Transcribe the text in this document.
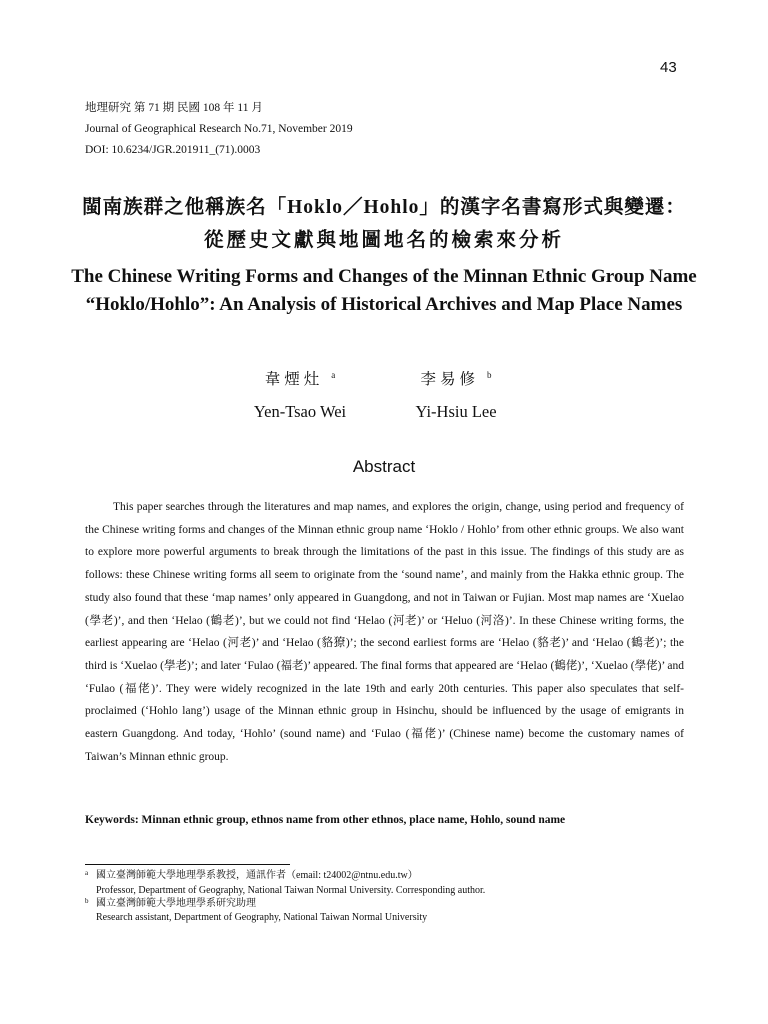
43
地理研究 第 71 期 民國 108 年 11 月
Journal of Geographical Research No.71, November 2019
DOI: 10.6234/JGR.201911_(71).0003
閩南族群之他稱族名「Hoklo／Hohlo」的漢字名書寫形式與變遷：
從歷史文獻與地圖地名的檢索來分析
The Chinese Writing Forms and Changes of the Minnan Ethnic Group Name “Hoklo/Hohlo”: An Analysis of Historical Archives and Map Place Names
韋煙灶 $^a$	李易修 $^b$
Yen-Tsao Wei	Yi-Hsiu Lee
Abstract

This paper searches through the literatures and map names, and explores the origin, change, using period and frequency of the Chinese writing forms and changes of the Minnan ethnic group name ‘Hoklo / Hohlo’ from other ethnic groups. We also want to explore more powerful arguments to break through the limitations of the past in this issue. The findings of this study are as follows: these Chinese writing forms all seem to originate from the ‘sound name’, and mainly from the Hakka ethnic group. The study also found that these ‘map names’ only appeared in Guangdong, and not in Taiwan or Fujian. Most map names are ‘Xuelao (學老)’, and then ‘Helao (鶴老)’, but we could not find ‘Helao (河老)’ or ‘Heluo (河洛)’. In these Chinese writing forms, the earliest appearing are ‘Helao (河老)’ and ‘Helao (貉獠)’; the second earliest forms are ‘Helao (貉老)’ and ‘Helao (鶴老)’; the third is ‘Xuelao (學老)’; and later ‘Fulao (福老)’ appeared. The final forms that appeared are ‘Helao (鶴佬)’, ‘Xuelao (學佬)’ and ‘Fulao (福佬)’. They were widely recognized in the late 19th and early 20th centuries. This paper also speculates that self-proclaimed (‘Hohlo lang’) usage of the Minnan ethnic group in Hsinchu, should be influenced by the usage of emigrants in eastern Guangdong. And today, ‘Hohlo’ (sound name) and ‘Fulao (福佬)’ (Chinese name) become the customary names of Taiwan’s Minnan ethnic group.

Keywords: Minnan ethnic group, ethnos name from other ethnos, place name, Hohlo, sound name
a 國立臺灣師範大學地理學系教授，通訊作者（email: t24002@ntnu.edu.tw）
Professor, Department of Geography, National Taiwan Normal University. Corresponding author.
b 國立臺灣師範大學地理學系研究助理
Research assistant, Department of Geography, National Taiwan Normal University
